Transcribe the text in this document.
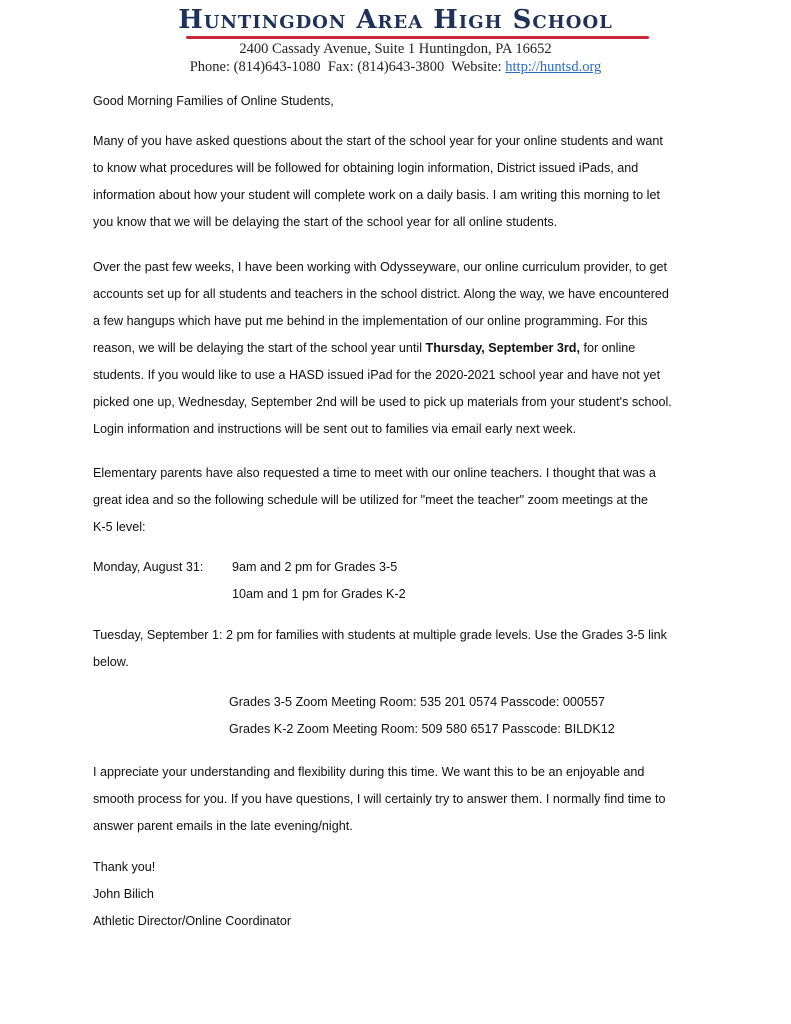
Huntingdon Area High School
2400 Cassady Avenue, Suite 1 Huntingdon, PA 16652
Phone: (814)643-1080 Fax: (814)643-3800 Website: http://huntsd.org
Good Morning Families of Online Students,
Many of you have asked questions about the start of the school year for your online students and want
to know what procedures will be followed for obtaining login information, District issued iPads, and
information about how your student will complete work on a daily basis. I am writing this morning to let
you know that we will be delaying the start of the school year for all online students.
Over the past few weeks, I have been working with Odysseyware, our online curriculum provider, to get
accounts set up for all students and teachers in the school district. Along the way, we have encountered
a few hangups which have put me behind in the implementation of our online programming. For this
reason, we will be delaying the start of the school year until Thursday, September 3rd, for online
students. If you would like to use a HASD issued iPad for the 2020-2021 school year and have not yet
picked one up, Wednesday, September 2nd will be used to pick up materials from your student's school.
Login information and instructions will be sent out to families via email early next week.
Elementary parents have also requested a time to meet with our online teachers. I thought that was a
great idea and so the following schedule will be utilized for "meet the teacher" zoom meetings at the
K-5 level:
Monday, August 31: 9am and 2 pm for Grades 3-5
10am and 1 pm for Grades K-2
Tuesday, September 1: 2 pm for families with students at multiple grade levels. Use the Grades 3-5 link
below.
Grades 3-5 Zoom Meeting Room: 535 201 0574 Passcode: 000557
Grades K-2 Zoom Meeting Room: 509 580 6517 Passcode: BILDK12
I appreciate your understanding and flexibility during this time. We want this to be an enjoyable and
smooth process for you. If you have questions, I will certainly try to answer them. I normally find time to
answer parent emails in the late evening/night.
Thank you!
John Bilich
Athletic Director/Online Coordinator
